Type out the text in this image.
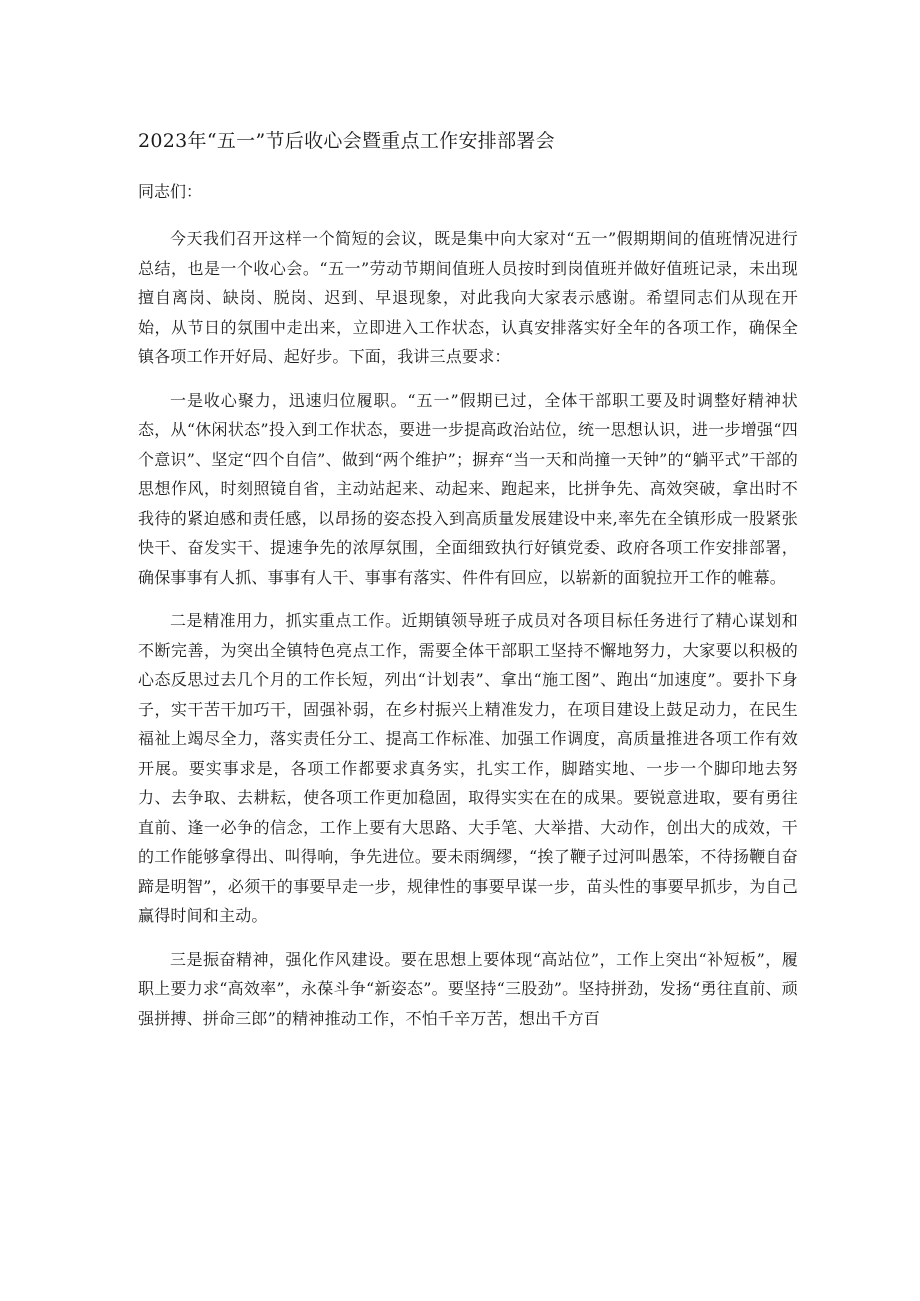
2023年“五一”节后收心会暨重点工作安排部署会
同志们：

今天我们召开这样一个简短的会议，既是集中向大家对“五一”假期期间的值班情况进行总结，也是一个收心会。“五一”劳动节期间值班人员按时到岗值班并做好值班记录，未出现擅自离岗、缺岗、脱岗、迟到、早退现象，对此我向大家表示感谢。希望同志们从现在开始，从节日的氛围中走出来，立即进入工作状态，认真安排落实好全年的各项工作，确保全镇各项工作开好局、起好步。下面，我讲三点要求：

一是收心聚力，迅速归位履职。“五一”假期已过，全体干部职工要及时调整好精神状态，从“休闲状态”投入到工作状态，要进一步提高政治站位，统一思想认识，进一步增强“四个意识”、坚定“四个自信”、做到“两个维护”；摒弃“当一天和尚撞一天钟”的“躺平式”干部的思想作风，时刻照镜自省，主动站起来、动起来、跑起来，比拼争先、高效突破，拿出时不我待的紧迫感和责任感，以昂扬的姿态投入到高质量发展建设中来,率先在全镇形成一股紧张快干、奋发实干、提速争先的浓厚氛围，全面细致执行好镇党委、政府各项工作安排部署，确保事事有人抓、事事有人干、事事有落实、件件有回应，以崭新的面貌拉开工作的帷幕。

二是精准用力，抓实重点工作。近期镇领导班子成员对各项目标任务进行了精心谋划和不断完善，为突出全镇特色亮点工作，需要全体干部职工坚持不懈地努力，大家要以积极的心态反思过去几个月的工作长短，列出“计划表”、拿出“施工图”、跑出“加速度”。要扑下身子，实干苦干加巧干，固强补弱，在乡村振兴上精准发力，在项目建设上鼓足动力，在民生福祉上竭尽全力，落实责任分工、提高工作标准、加强工作调度，高质量推进各项工作有效开展。要实事求是，各项工作都要求真务实，扎实工作，脚踏实地、一步一个脚印地去努力、去争取、去耕耘，使各项工作更加稳固，取得实实在在的成果。要锐意进取，要有勇往直前、逢一必争的信念，工作上要有大思路、大手笔、大举措、大动作，创出大的成效，干的工作能够拿得出、叫得响，争先进位。要未雨绸缪，“挨了鞭子过河叫愚笨，不待扬鞭自奋蹄是明智”，必须干的事要早走一步，规律性的事要早谋一步，苗头性的事要早抓步，为自己赢得时间和主动。

三是振奋精神，强化作风建设。要在思想上要体现“高站位”，工作上突出“补短板”，履职上要力求“高效率”，永葆斗争“新姿态”。要坚持“三股劲”。坚持拼劲，发扬“勇往直前、顽强拼搏、拼命三郎”的精神推动工作，不怕千辛万苦，想出千方百
